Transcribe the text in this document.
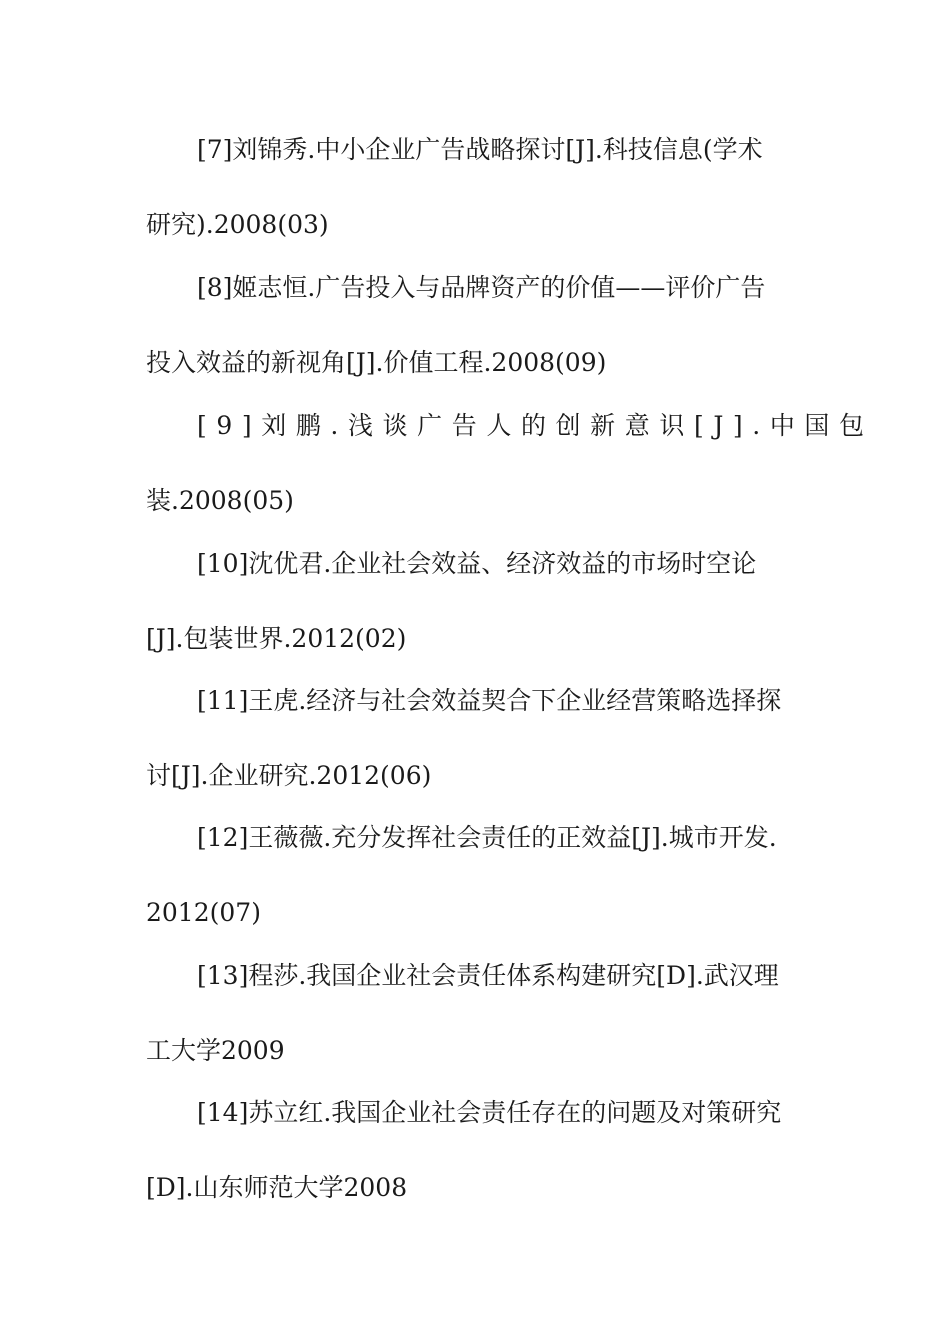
[7]刘锦秀.中小企业广告战略探讨[J].科技信息(学术
研究).2008(03)
[8]姬志恒.广告投入与品牌资产的价值——评价广告
投入效益的新视角[J].价值工程.2008(09)
[9]刘鹏.浅谈广告人的创新意识[J].中国包
装.2008(05)
[10]沈优君.企业社会效益、经济效益的市场时空论
[J].包装世界.2012(02)
[11]王虎.经济与社会效益契合下企业经营策略选择探
讨[J].企业研究.2012(06)
[12]王薇薇.充分发挥社会责任的正效益[J].城市开发.
2012(07)
[13]程莎.我国企业社会责任体系构建研究[D].武汉理
工大学2009
[14]苏立红.我国企业社会责任存在的问题及对策研究
[D].山东师范大学2008
